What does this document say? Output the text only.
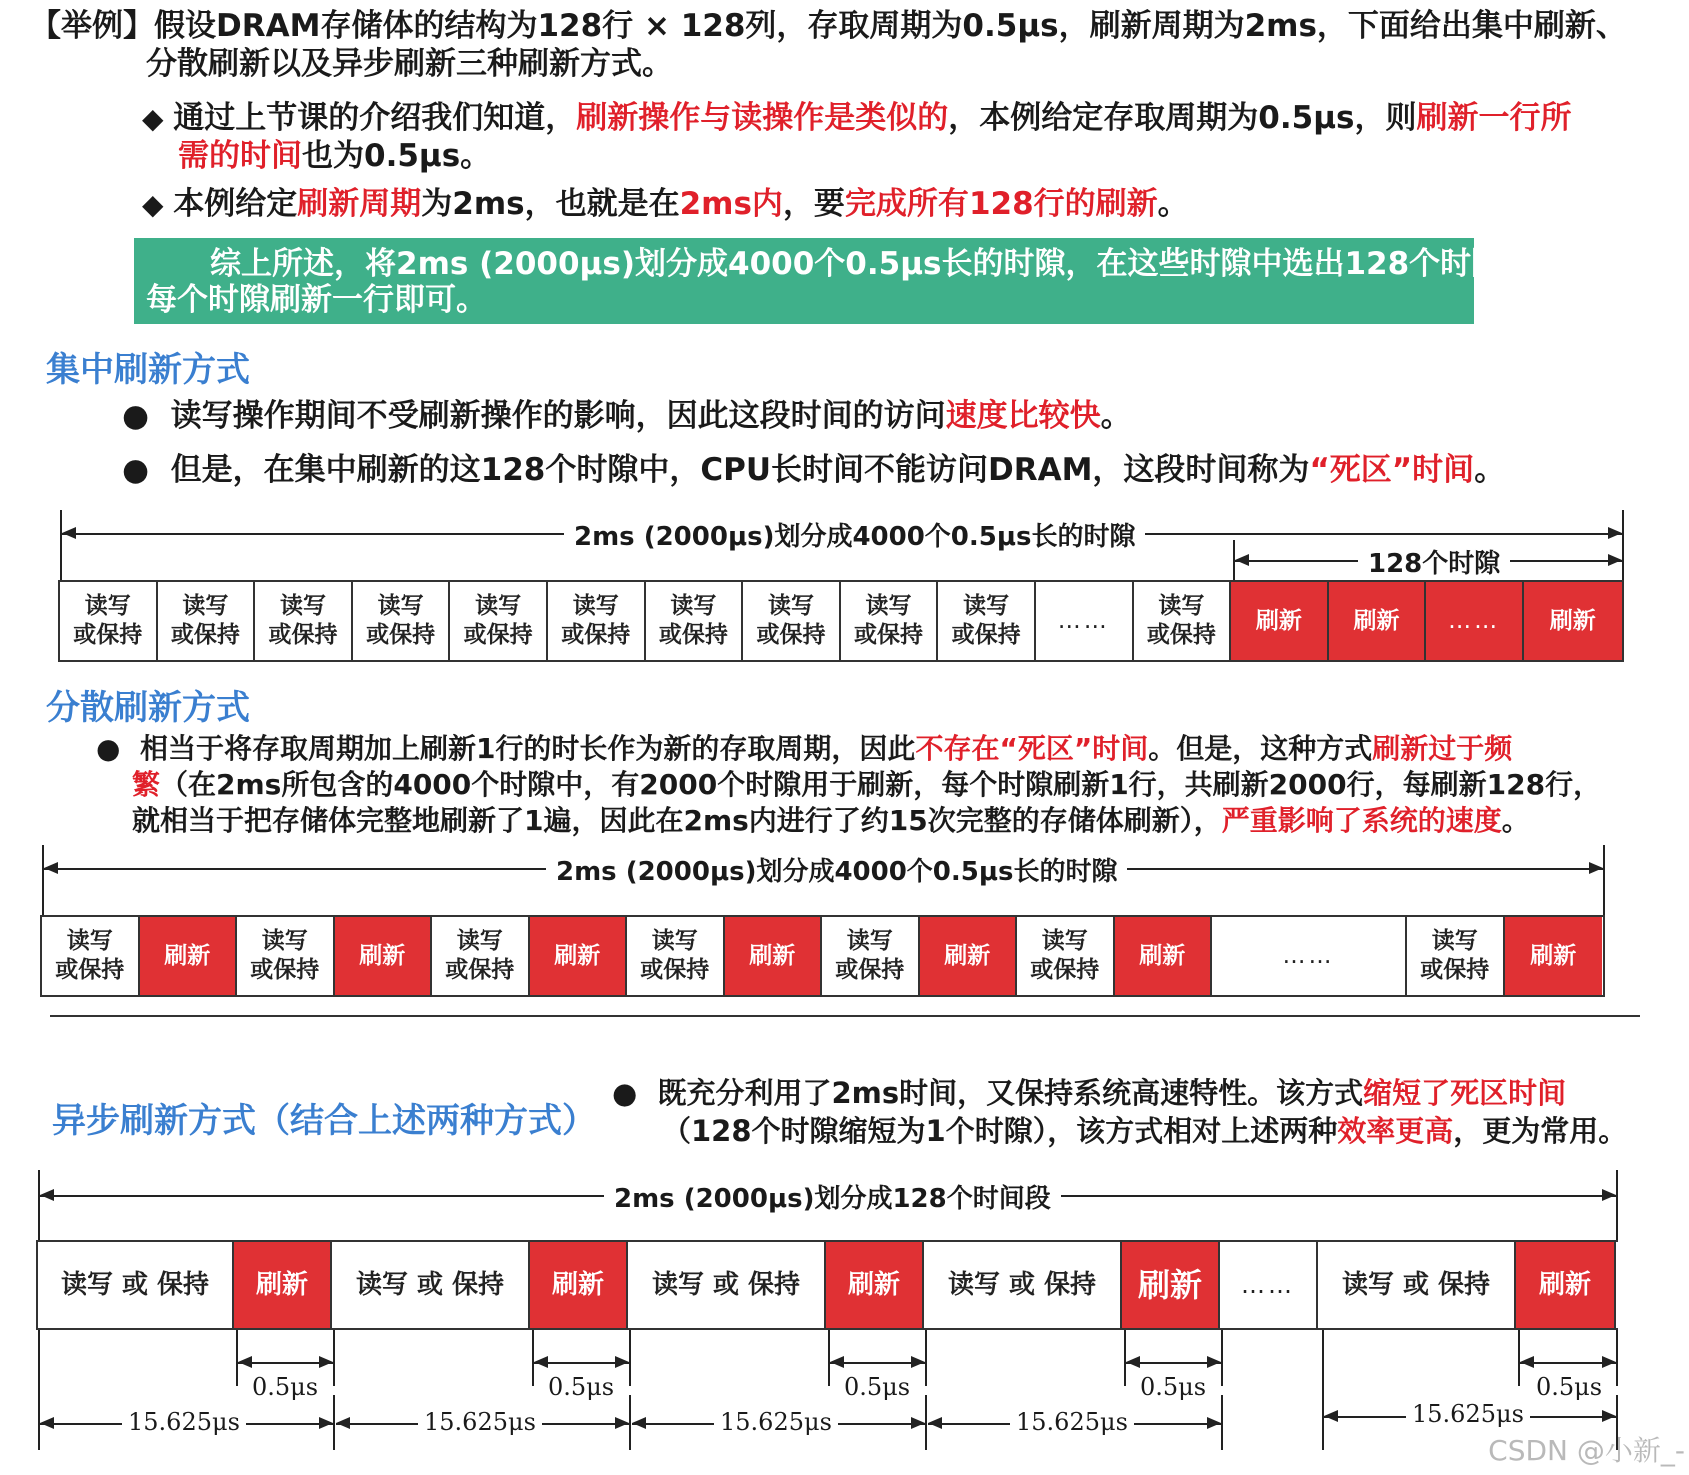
【举例】假设DRAM存储体的结构为128行 × 128列，存取周期为0.5μs，刷新周期为2ms，下面给出集中刷新、
分散刷新以及异步刷新三种刷新方式。
◆ 通过上节课的介绍我们知道，刷新操作与读操作是类似的，本例给定存取周期为0.5μs，则刷新一行所
需的时间也为0.5μs。
◆ 本例给定刷新周期为2ms，也就是在2ms内，要完成所有128行的刷新。
综上所述，将2ms (2000μs)划分成4000个0.5μs长的时隙，在这些时隙中选出128个时隙，
每个时隙刷新一行即可。
集中刷新方式
●  读写操作期间不受刷新操作的影响，因此这段时间的访问速度比较快。
●  但是，在集中刷新的这128个时隙中，CPU长时间不能访问DRAM，这段时间称为“死区”时间。
2ms (2000μs)划分成4000个0.5μs长的时隙
128个时隙
读写
或保持
读写
或保持
读写
或保持
读写
或保持
读写
或保持
读写
或保持
读写
或保持
读写
或保持
读写
或保持
读写
或保持
……
读写
或保持
刷新 刷新 …… 刷新
分散刷新方式
●  相当于将存取周期加上刷新1行的时长作为新的存取周期，因此不存在“死区”时间。但是，这种方式刷新过于频
繁（在2ms所包含的4000个时隙中，有2000个时隙用于刷新，每个时隙刷新1行，共刷新2000行，每刷新128行，
就相当于把存储体完整地刷新了1遍，因此在2ms内进行了约15次完整的存储体刷新），严重影响了系统的速度。
2ms (2000μs)划分成4000个0.5μs长的时隙
读写
或保持
刷新
读写
或保持
刷新
读写
或保持
刷新
读写
或保持
刷新
读写
或保持
刷新
读写
或保持
刷新	……
读写
或保持
刷新
异步刷新方式（结合上述两种方式）
●  既充分利用了2ms时间，又保持系统高速特性。该方式缩短了死区时间
（128个时隙缩短为1个时隙），该方式相对上述两种效率更高，更为常用。
2ms (2000μs)划分成128个时间段
读写 或 保持 刷新 读写 或 保持 刷新 读写 或 保持 刷新 读写 或 保持 刷新 …… 读写 或 保持 刷新
0.5μs	0.5μs	0.5μs	0.5μs	0.5μs
15.625μs	15.625μs	15.625μs	15.625μs	15.625μs
CSDN @小新_-
